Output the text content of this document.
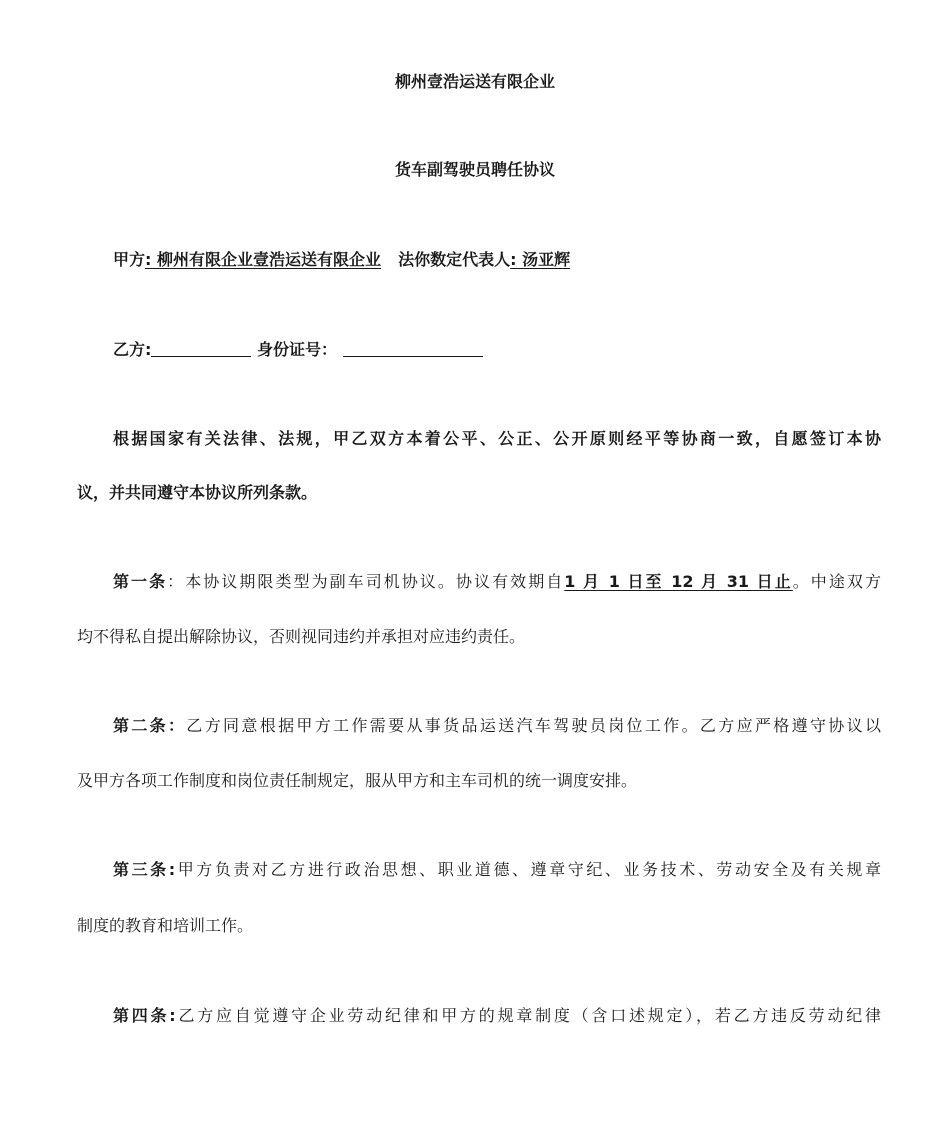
柳州壹浩运送有限企业
货车副驾驶员聘任协议
甲方: 柳州有限企业壹浩运送有限企业 法你数定代表人: 汤亚辉
乙方:	身份证号：
根据国家有关法律、法规，甲乙双方本着公平、公正、公开原则经平等协商一致，自愿签订本协
议，并共同遵守本协议所列条款。
第一条：本协议期限类型为副车司机协议。协议有效期自1 月 1 日至 12 月 31 日止。中途双方
均不得私自提出解除协议，否则视同违约并承担对应违约责任。
第二条：乙方同意根据甲方工作需要从事货品运送汽车驾驶员岗位工作。乙方应严格遵守协议以
及甲方各项工作制度和岗位责任制规定，服从甲方和主车司机的统一调度安排。
第三条:甲方负责对乙方进行政治思想、职业道德、遵章守纪、业务技术、劳动安全及有关规章
制度的教育和培训工作。
第四条:乙方应自觉遵守企业劳动纪律和甲方的规章制度（含口述规定），若乙方违反劳动纪律
